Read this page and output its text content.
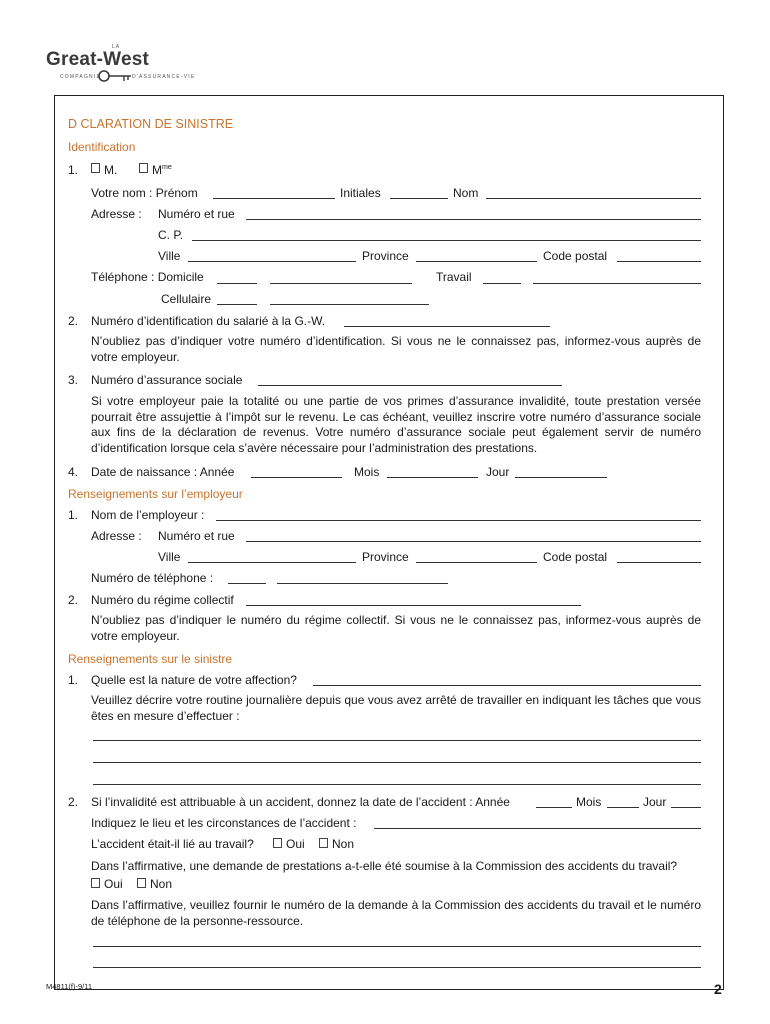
LA
Great-West
COMPAGNIE	D'ASSURANCE-VIE
D CLARATION DE SINISTRE
Identification
1. M.	$M^{me}$
Votre nom : Prénom	Initiales	Nom
Adresse : Numéro et rue
C. P.
Ville	Province	Code postal
Téléphone : Domicile	Travail
Cellulaire
2. Numéro d’identification du salarié à la G.-W.
N’oubliez pas d’indiquer votre numéro d’identification. Si vous ne le connaissez pas, informez-vous auprès de votre employeur.
3. Numéro d’assurance sociale
Si votre employeur paie la totalité ou une partie de vos primes d’assurance invalidité, toute prestation versée pourrait être assujettie à l’impôt sur le revenu. Le cas échéant, veuillez inscrire votre numéro d’assurance sociale aux fins de la déclaration de revenus. Votre numéro d’assurance sociale peut également servir de numéro d’identification lorsque cela s’avère nécessaire pour l’administration des prestations.
4. Date de naissance : Année	Mois	Jour
Renseignements sur l’employeur
1. Nom de l’employeur :
Adresse : Numéro et rue
Ville	Province	Code postal
Numéro de téléphone :
2. Numéro du régime collectif
N’oubliez pas d’indiquer le numéro du régime collectif. Si vous ne le connaissez pas, informez-vous auprès de votre employeur.
Renseignements sur le sinistre
1. Quelle est la nature de votre affection?
Veuillez décrire votre routine journalière depuis que vous avez arrêté de travailler en indiquant les tâches que vous êtes en mesure d’effectuer :
2. Si l’invalidité est attribuable à un accident, donnez la date de l’accident : Année	Mois	Jour
Indiquez le lieu et les circonstances de l’accident :
L’accident était-il lié au travail?	Oui Non
Dans l’affirmative, une demande de prestations a-t-elle été soumise à la Commission des accidents du travail?
Oui Non
Dans l’affirmative, veuillez fournir le numéro de la demande à la Commission des accidents du travail et le numéro de téléphone de la personne-ressource.
M4811(f)-9/11	2
